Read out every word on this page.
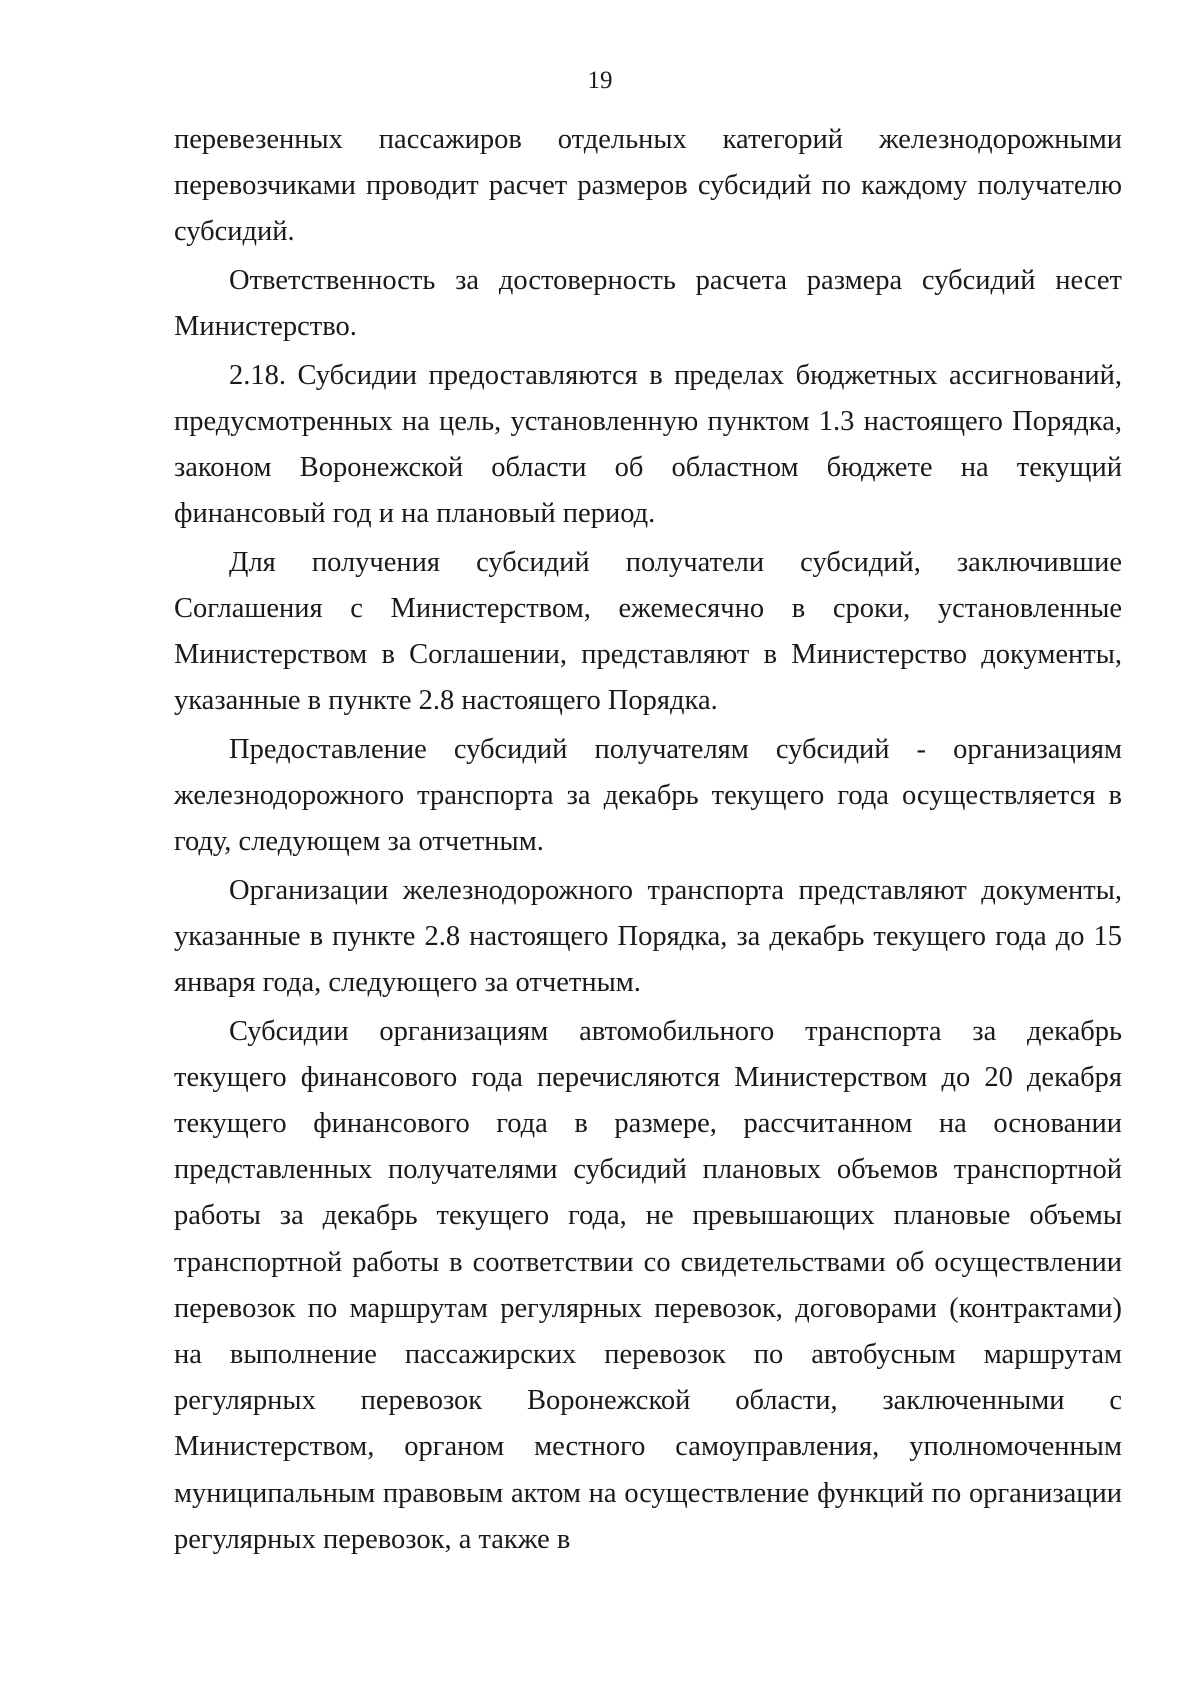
19

перевезенных пассажиров отдельных категорий железнодорожными перевозчиками проводит расчет размеров субсидий по каждому получателю субсидий.

Ответственность за достоверность расчета размера субсидий несет Министерство.

2.18. Субсидии предоставляются в пределах бюджетных ассигнований, предусмотренных на цель, установленную пунктом 1.3 настоящего Порядка, законом Воронежской области об областном бюджете на текущий финансовый год и на плановый период.

Для получения субсидий получатели субсидий, заключившие Соглашения с Министерством, ежемесячно в сроки, установленные Министерством в Соглашении, представляют в Министерство документы, указанные в пункте 2.8 настоящего Порядка.

Предоставление субсидий получателям субсидий - организациям железнодорожного транспорта за декабрь текущего года осуществляется в году, следующем за отчетным.

Организации железнодорожного транспорта представляют документы, указанные в пункте 2.8 настоящего Порядка, за декабрь текущего года до 15 января года, следующего за отчетным.

Субсидии организациям автомобильного транспорта за декабрь текущего финансового года перечисляются Министерством до 20 декабря текущего финансового года в размере, рассчитанном на основании представленных получателями субсидий плановых объемов транспортной работы за декабрь текущего года, не превышающих плановые объемы транспортной работы в соответствии со свидетельствами об осуществлении перевозок по маршрутам регулярных перевозок, договорами (контрактами) на выполнение пассажирских перевозок по автобусным маршрутам регулярных перевозок Воронежской области, заключенными с Министерством, органом местного самоуправления, уполномоченным муниципальным правовым актом на осуществление функций по организации регулярных перевозок, а также в
